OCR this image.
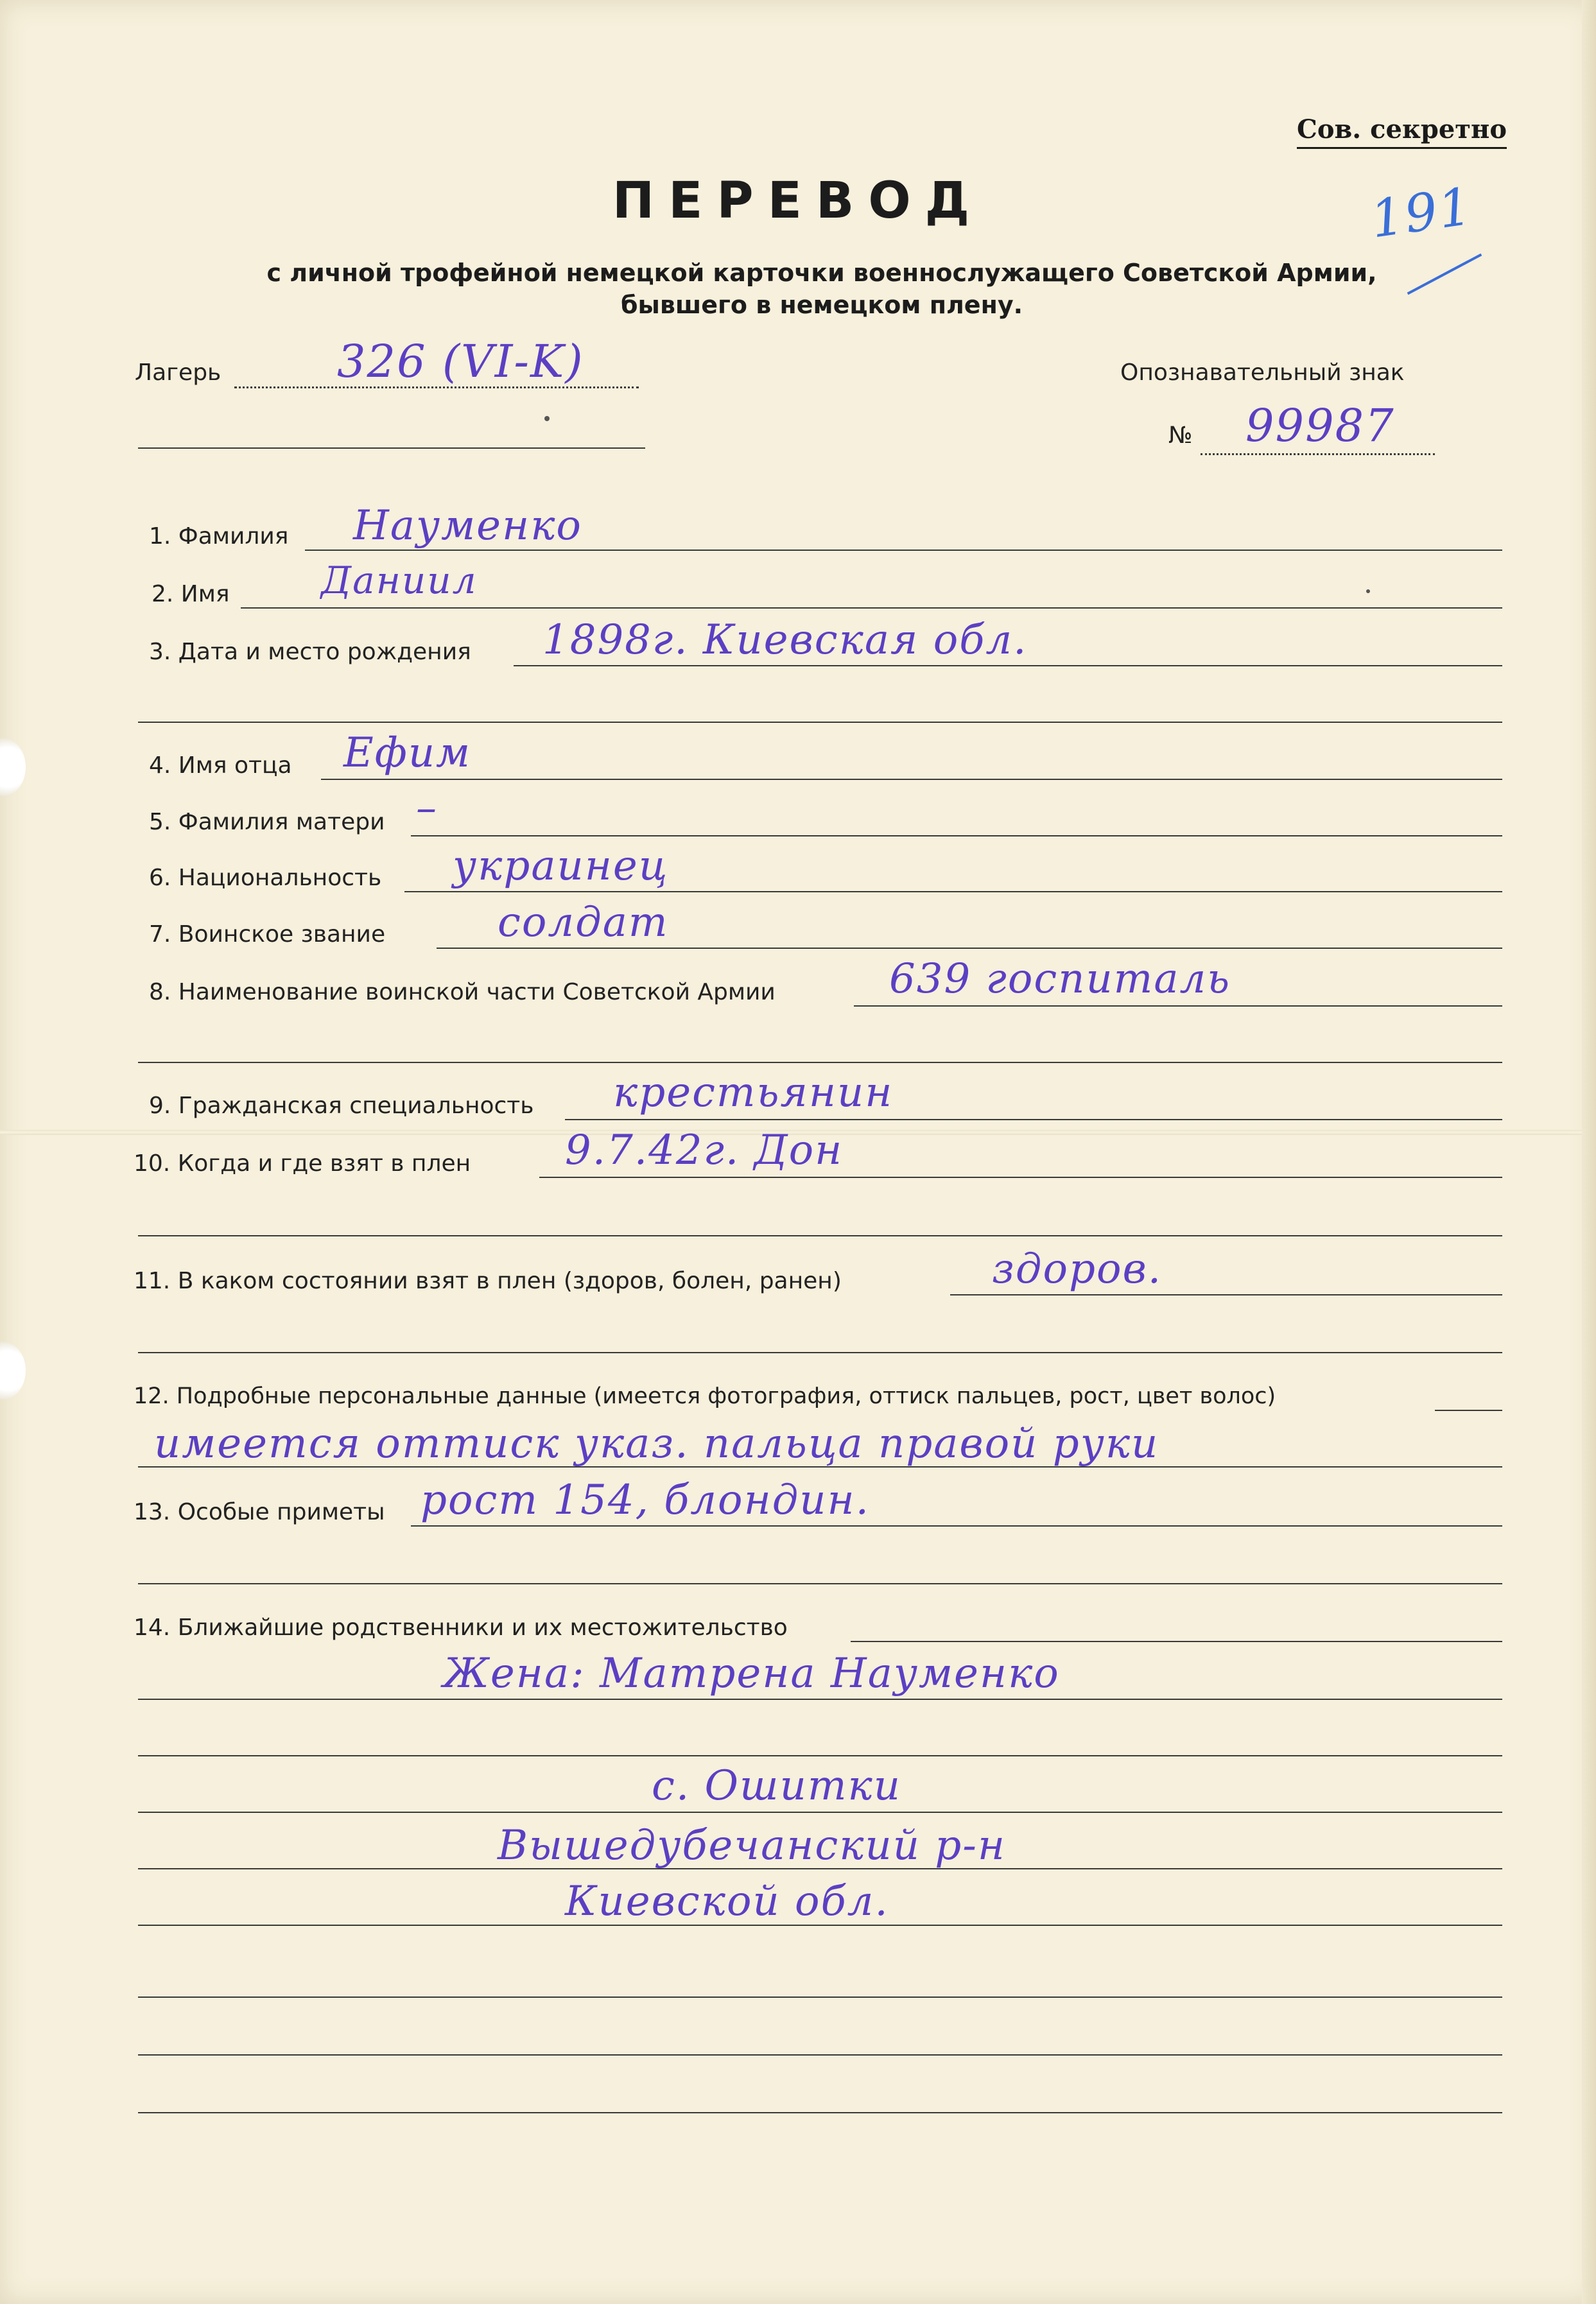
Сов. секретно
191
ПЕРЕВОД
с личной трофейной немецкой карточки военнослужащего Советской Армии,
бывшего в немецком плену.
Лагерь	326 (VI-K)	Опознавательный знак
№ 99987
1. Фамилия Науменко
2. Имя Даниил
3. Дата и место рождения 1898г. Киевская обл.
4. Имя отца Ефим
5. Фамилия матери –
6. Национальность украинец
7. Воинское звание	солдат
8. Наименование воинской части Советской Армии	639 госпиталь
9. Гражданская специальность крестьянин
10. Когда и где взят в плен 9.7.42г. Дон
11. В каком состоянии взят в плен (здоров, болен, ранен)	здоров.
12. Подробные персональные данные (имеется фотография, оттиск пальцев, рост, цвет волос)
имеется оттиск указ. пальца правой руки
13. Особые приметы рост 154, блондин.
14. Ближайшие родственники и их местожительство
Жена: Матрена Науменко
с. Ошитки
Вышедубечанский р-н
Киевской обл.
